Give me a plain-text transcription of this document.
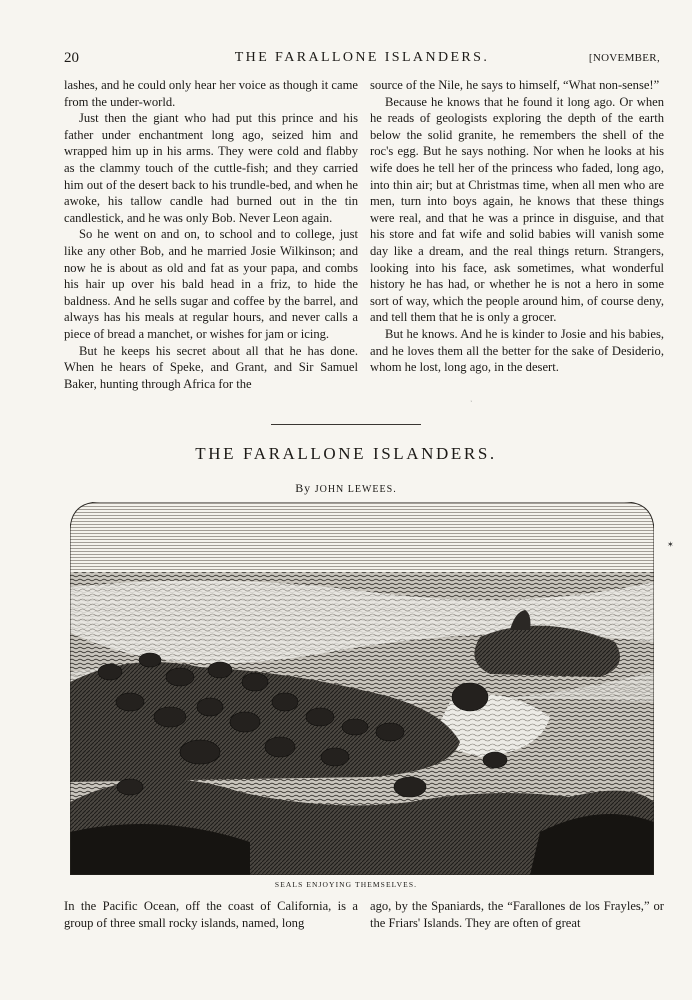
20	THE FARALLONE ISLANDERS.	[NOVEMBER,

lashes, and he could only hear her voice as though it came from the under-world.

Just then the giant who had put this prince and his father under enchantment long ago, seized him and wrapped him up in his arms. They were cold and flabby as the clammy touch of the cuttle-fish; and they carried him out of the desert back to his trundle-bed, and when he awoke, his tallow candle had burned out in the tin candlestick, and he was only Bob. Never Leon again.

So he went on and on, to school and to college, just like any other Bob, and he married Josie Wilkinson; and now he is about as old and fat as your papa, and combs his hair up over his bald head in a friz, to hide the baldness. And he sells sugar and coffee by the barrel, and always has his meals at regular hours, and never calls a piece of bread a manchet, or wishes for jam or icing.

But he keeps his secret about all that he has done. When he hears of Speke, and Grant, and Sir Samuel Baker, hunting through Africa for the

source of the Nile, he says to himself, “What non-sense!”

Because he knows that he found it long ago. Or when he reads of geologists exploring the depth of the earth below the solid granite, he remembers the shell of the roc's egg. But he says nothing. Nor when he looks at his wife does he tell her of the princess who faded, long ago, into thin air; but at Christmas time, when all men who are men, turn into boys again, he knows that these things were real, and that he was a prince in disguise, and that his store and fat wife and solid babies will vanish some day like a dream, and the real things return. Strangers, looking into his face, ask sometimes, what wonderful history he has had, or whether he is not a hero in some sort of way, which the people around him, of course deny, and tell them that he is only a grocer.

But he knows. And he is kinder to Josie and his babies, and he loves them all the better for the sake of Desiderio, whom he lost, long ago, in the desert.

ʾ
THE FARALLONE ISLANDERS.
By JOHN LEWEES.
✶
SEALS ENJOYING THEMSELVES.

In the Pacific Ocean, off the coast of California, is a group of three small rocky islands, named, long

ago, by the Spaniards, the “Farallones de los Frayles,” or the Friars' Islands. They are often of great
